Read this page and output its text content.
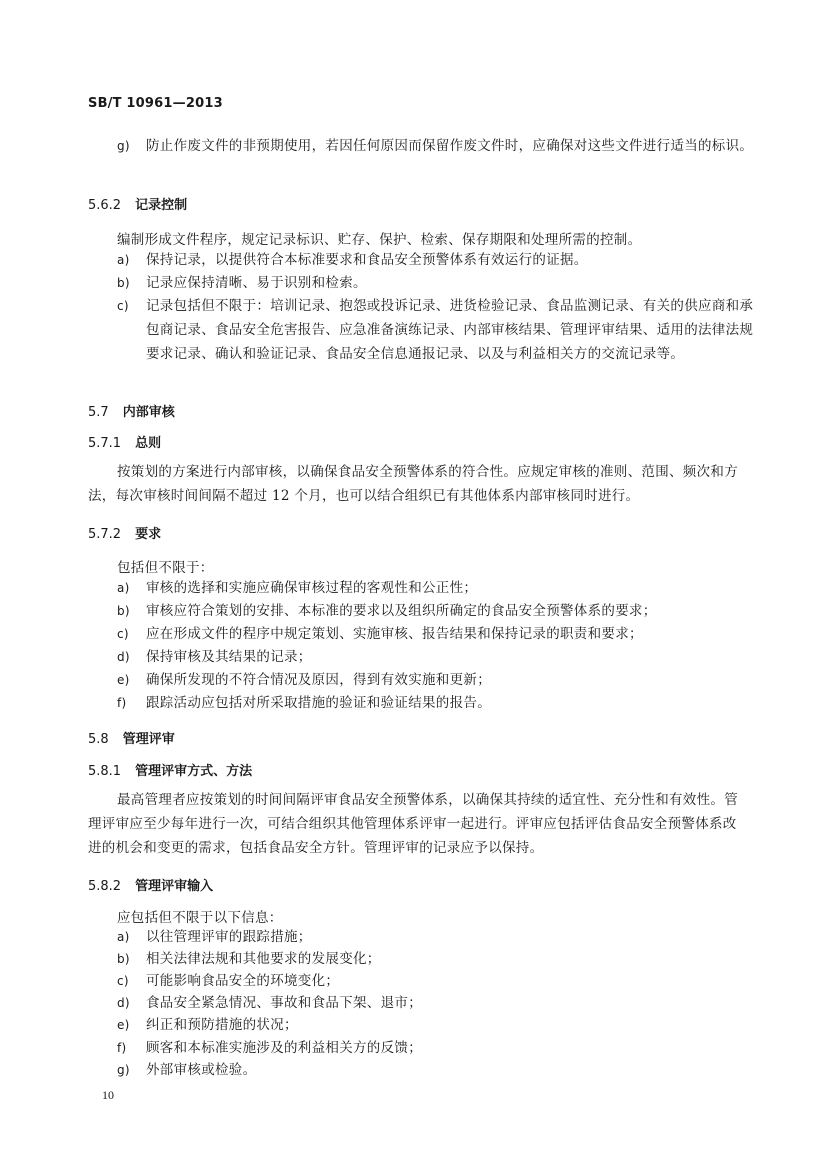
SB/T 10961—2013
g) 防止作废文件的非预期使用，若因任何原因而保留作废文件时，应确保对这些文件进行适当的标识。
5.6.2 记录控制
编制形成文件程序，规定记录标识、贮存、保护、检索、保存期限和处理所需的控制。
a) 保持记录，以提供符合本标准要求和食品安全预警体系有效运行的证据。
b) 记录应保持清晰、易于识别和检索。
c) 记录包括但不限于：培训记录、抱怨或投诉记录、进货检验记录、食品监测记录、有关的供应商和承包商记录、食品安全危害报告、应急准备演练记录、内部审核结果、管理评审结果、适用的法律法规要求记录、确认和验证记录、食品安全信息通报记录、以及与利益相关方的交流记录等。
5.7 内部审核
5.7.1 总则
按策划的方案进行内部审核，以确保食品安全预警体系的符合性。应规定审核的准则、范围、频次和方法，每次审核时间间隔不超过 12 个月，也可以结合组织已有其他体系内部审核同时进行。
5.7.2 要求
包括但不限于：
a) 审核的选择和实施应确保审核过程的客观性和公正性；
b) 审核应符合策划的安排、本标准的要求以及组织所确定的食品安全预警体系的要求；
c) 应在形成文件的程序中规定策划、实施审核、报告结果和保持记录的职责和要求；
d) 保持审核及其结果的记录；
e) 确保所发现的不符合情况及原因，得到有效实施和更新；
f) 跟踪活动应包括对所采取措施的验证和验证结果的报告。
5.8 管理评审
5.8.1 管理评审方式、方法
最高管理者应按策划的时间间隔评审食品安全预警体系，以确保其持续的适宜性、充分性和有效性。管理评审应至少每年进行一次，可结合组织其他管理体系评审一起进行。评审应包括评估食品安全预警体系改进的机会和变更的需求，包括食品安全方针。管理评审的记录应予以保持。
5.8.2 管理评审输入
应包括但不限于以下信息：
a) 以往管理评审的跟踪措施；
b) 相关法律法规和其他要求的发展变化；
c) 可能影响食品安全的环境变化；
d) 食品安全紧急情况、事故和食品下架、退市；
e) 纠正和预防措施的状况；
f) 顾客和本标准实施涉及的利益相关方的反馈；
g) 外部审核或检验。
10
